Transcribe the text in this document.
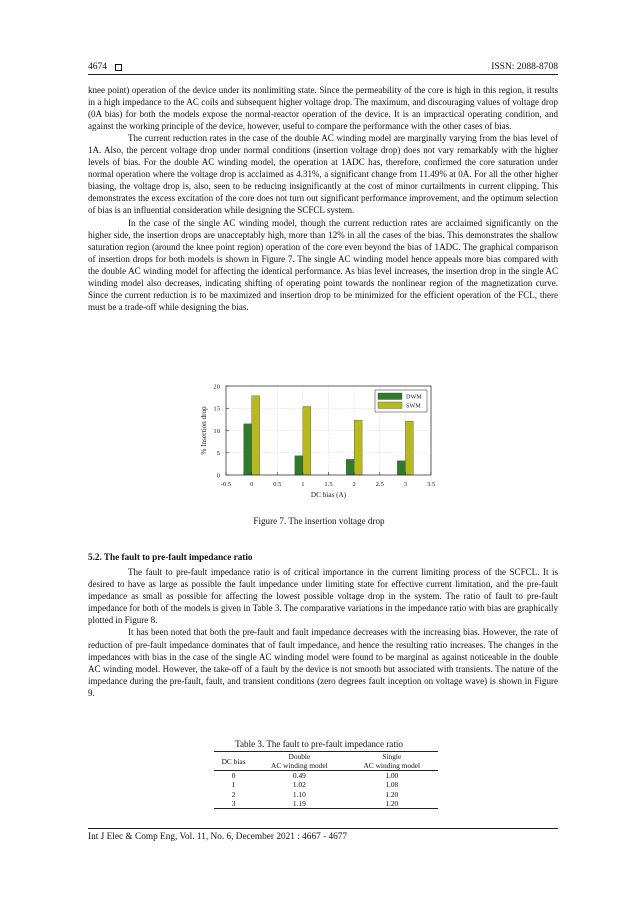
4674	ISSN: 2088-8708

knee point) operation of the device under its nonlimiting state. Since the permeability of the core is high in this region, it results in a high impedance to the AC coils and subsequent higher voltage drop. The maximum, and discouraging values of voltage drop (0A bias) for both the models expose the normal-reactor operation of the device. It is an impractical operating condition, and against the working principle of the device, however, useful to compare the performance with the other cases of bias.

The current reduction rates in the case of the double AC winding model are marginally varying from the bias level of 1A. Also, the percent voltage drop under normal conditions (insertion voltage drop) does not vary remarkably with the higher levels of bias. For the double AC winding model, the operation at 1ADC has, therefore, confirmed the core saturation under normal operation where the voltage drop is acclaimed as 4.31%, a significant change from 11.49% at 0A. For all the other higher biasing, the voltage drop is, also, seen to be reducing insignificantly at the cost of minor curtailments in current clipping. This demonstrates the excess excitation of the core does not turn out significant performance improvement, and the optimum selection of bias is an influential consideration while designing the SCFCL system.

In the case of the single AC winding model, though the current reduction rates are acclaimed significantly on the higher side, the insertion drops are unacceptably high, more than 12% in all the cases of the bias. This demonstrates the shallow saturation region (around the knee point region) operation of the core even beyond the bias of 1ADC. The graphical comparison of insertion drops for both models is shown in Figure 7. The single AC winding model hence appeals more bias compared with the double AC winding model for affecting the identical performance. As bias level increases, the insertion drop in the single AC winding model also decreases, indicating shifting of operating point towards the nonlinear region of the magnetization curve. Since the current reduction is to be maximized and insertion drop to be minimized for the efficient operation of the FCL, there must be a trade-off while designing the bias.

-0.5	0	0.5	1	1.5	2	2.5	3	3.5
0
5
10
15
20
DC bias (A)
% Insertion drop
DWM
SWM
Figure 7. The insertion voltage drop
5.2. The fault to pre-fault impedance ratio

The fault to pre-fault impedance ratio is of critical importance in the current limiting process of the SCFCL. It is desired to have as large as possible the fault impedance under limiting state for effective current limitation, and the pre-fault impedance as small as possible for affecting the lowest possible voltage drop in the system. The ratio of fault to pre-fault impedance for both of the models is given in Table 3. The comparative variations in the impedance ratio with bias are graphically plotted in Figure 8.

It has been noted that both the pre-fault and fault impedance decreases with the increasing bias. However, the rate of reduction of pre-fault impedance dominates that of fault impedance, and hence the resulting ratio increases. The changes in the impedances with bias in the case of the single AC winding model were found to be marginal as against noticeable in the double AC winding model. However, the take-off of a fault by the device is not smooth but associated with transients. The nature of the impedance during the pre-fault, fault, and transient conditions (zero degrees fault inception on voltage wave) is shown in Figure 9.

Table 3. The fault to pre-fault impedance ratio
DC bias	Double	Single
	AC winding model	AC winding model
0	0.49	1.00
1	1.02	1.08
2	1.10	1.20
3	1.19	1.20
Int J Elec & Comp Eng, Vol. 11, No. 6, December 2021 : 4667 - 4677
